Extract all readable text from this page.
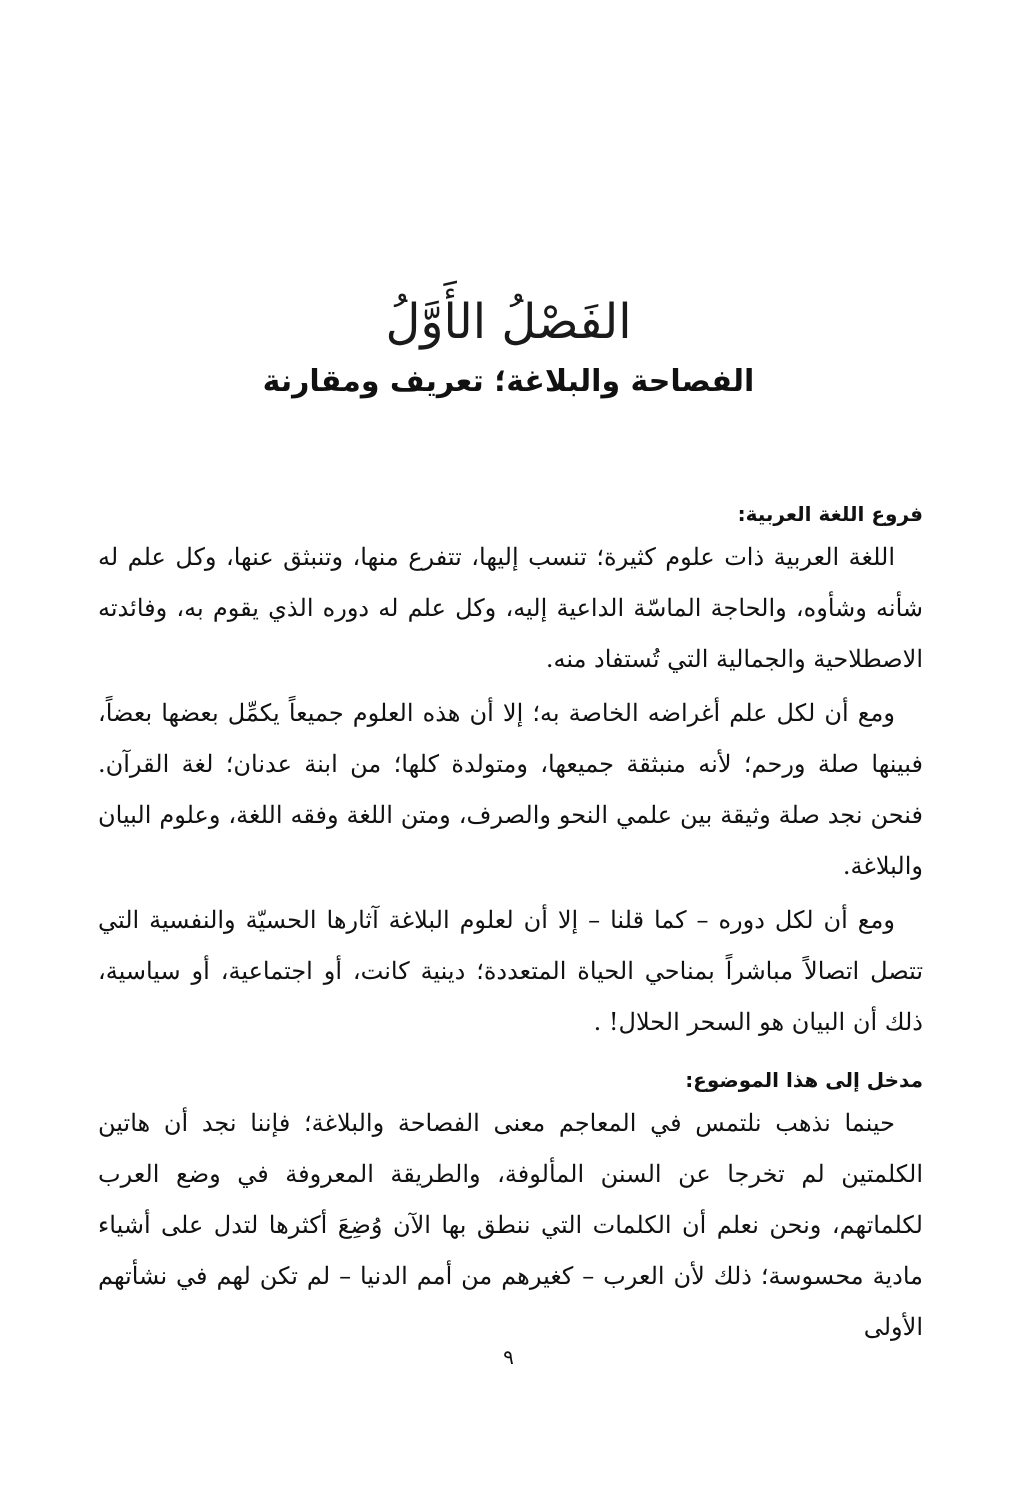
الفَصْلُ الأَوَّلُ
الفصاحة والبلاغة؛ تعريف ومقارنة
فروع اللغة العربية:

اللغة العربية ذات علوم كثيرة؛ تنسب إليها، تتفرع منها، وتنبثق عنها، وكل علم له شأنه وشأوه، والحاجة الماسّة الداعية إليه، وكل علم له دوره الذي يقوم به، وفائدته الاصطلاحية والجمالية التي تُستفاد منه.

ومع أن لكل علم أغراضه الخاصة به؛ إلا أن هذه العلوم جميعاً يكمِّل بعضها بعضاً، فبينها صلة ورحم؛ لأنه منبثقة جميعها، ومتولدة كلها؛ من ابنة عدنان؛ لغة القرآن. فنحن نجد صلة وثيقة بين علمي النحو والصرف، ومتن اللغة وفقه اللغة، وعلوم البيان والبلاغة.

ومع أن لكل دوره – كما قلنا – إلا أن لعلوم البلاغة آثارها الحسيّة والنفسية التي تتصل اتصالاً مباشراً بمناحي الحياة المتعددة؛ دينية كانت، أو اجتماعية، أو سياسية، ذلك أن البيان هو السحر الحلال! .

مدخل إلى هذا الموضوع:

حينما نذهب نلتمس في المعاجم معنى الفصاحة والبلاغة؛ فإننا نجد أن هاتين الكلمتين لم تخرجا عن السنن المألوفة، والطريقة المعروفة في وضع العرب لكلماتهم، ونحن نعلم أن الكلمات التي ننطق بها الآن وُضِعَ أكثرها لتدل على أشياء مادية محسوسة؛ ذلك لأن العرب – كغيرهم من أمم الدنيا – لم تكن لهم في نشأتهم الأولى

٩
